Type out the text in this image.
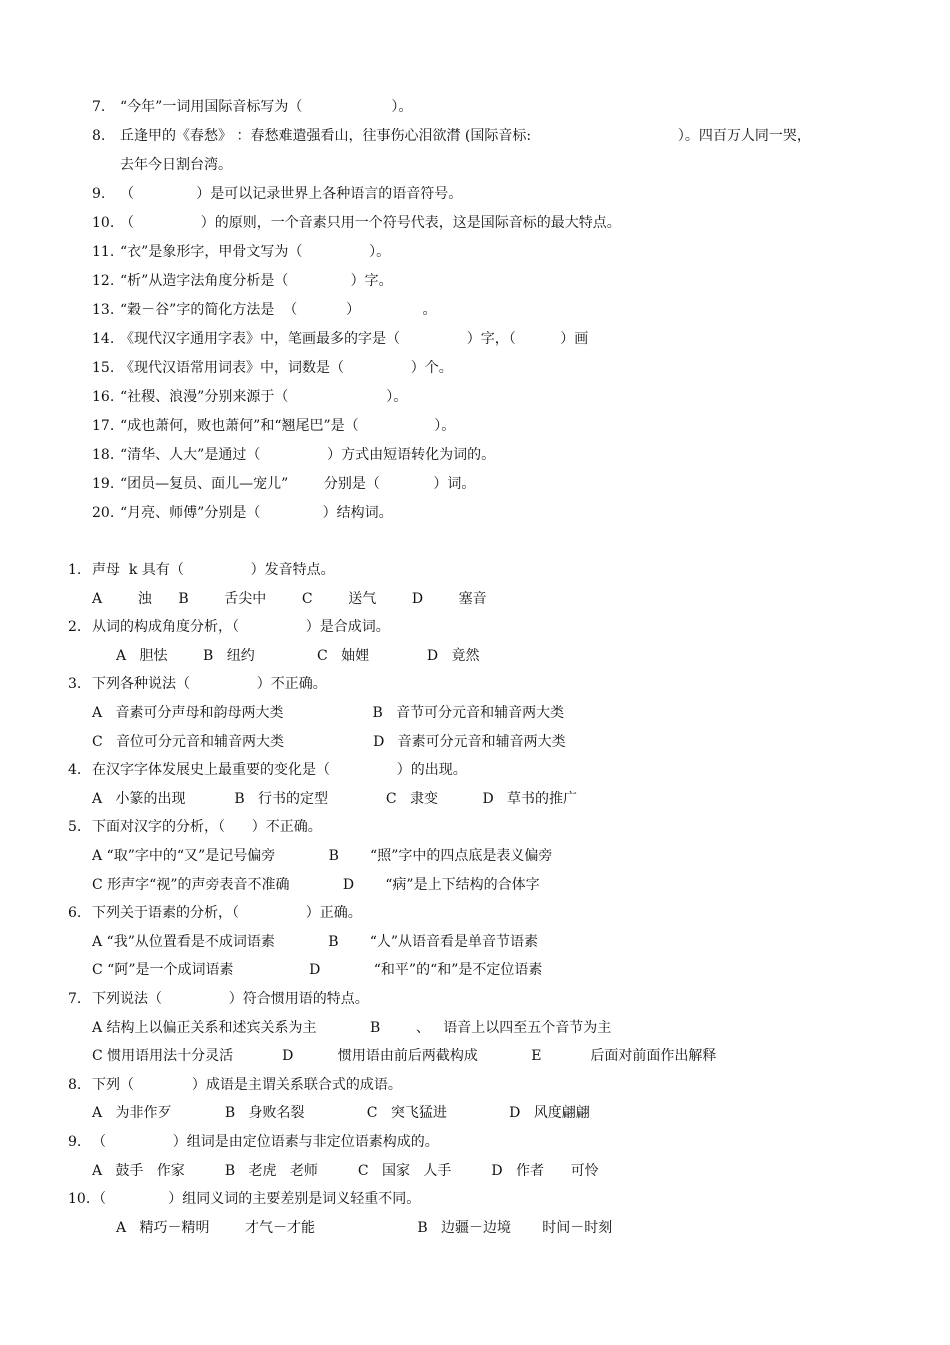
7. “今年”一词用国际音标写为（                    ）。
8. 丘逢甲的《春愁》 ：春愁难遣强看山，往事伤心泪欲潸 (国际音标:                                 ）。四百万人同一哭，
去年今日割台湾。
9. （              ）是可以记录世界上各种语言的语音符号。
10. （               ）的原则，一个音素只用一个符号代表，这是国际音标的最大特点。
11. “衣”是象形字，甲骨文写为（               ）。
12. “析”从造字法角度分析是（              ）字。
13. “穀－谷”字的简化方法是  （           ）              。
14. 《现代汉字通用字表》中，笔画最多的字是（               ）字，（          ）画
15. 《现代汉语常用词表》中，词数是（               ）个。
16. “社稷、浪漫”分别来源于（                      ）。
17. “成也萧何，败也萧何”和“翘尾巴”是（                 ）。
18. “清华、人大”是通过（               ）方式由短语转化为词的。
19. “团员—复员、面儿—宠儿”        分别是（            ）词。
20. “月亮、师傅”分别是（              ）结构词。
1. 声母  k 具有（               ）发音特点。
A        浊      B        舌尖中        C        送气        D        塞音
2. 从词的构成角度分析，（               ）是合成词。
A   胆怯        B   纽约              C   妯娌             D   竟然
3. 下列各种说法（               ）不正确。
A   音素可分声母和韵母两大类                    B   音节可分元音和辅音两大类
C   音位可分元音和辅音两大类                    D   音素可分元音和辅音两大类
4. 在汉字字体发展史上最重要的变化是（               ）的出现。
A   小篆的出现           B   行书的定型             C   隶变          D   草书的推广
5. 下面对汉字的分析，（      ）不正确。
A “取”字中的“又”是记号偏旁            B       “照”字中的四点底是表义偏旁
C 形声字“视”的声旁表音不准确            D       “病”是上下结构的合体字
6. 下列关于语素的分析，（               ）正确。
A “我”从位置看是不成词语素            B       “人”从语音看是单音节语素
C “阿”是一个成词语素                 D            “和平”的“和”是不定位语素
7. 下列说法（               ）符合惯用语的特点。
A 结构上以偏正关系和述宾关系为主            B        、   语音上以四至五个音节为主
C 惯用语用法十分灵活           D          惯用语由前后两截构成            E           后面对前面作出解释
8. 下列（             ）成语是主谓关系联合式的成语。
A   为非作歹            B   身败名裂              C   突飞猛进              D   风度翩翩
9. （               ）组词是由定位语素与非定位语素构成的。
A   鼓手   作家         B   老虎   老师         C   国家   人手         D   作者      可怜
10. （              ）组同义词的主要差别是词义轻重不同。
A   精巧－精明        才气－才能                       B   边疆－边境       时间－时刻
